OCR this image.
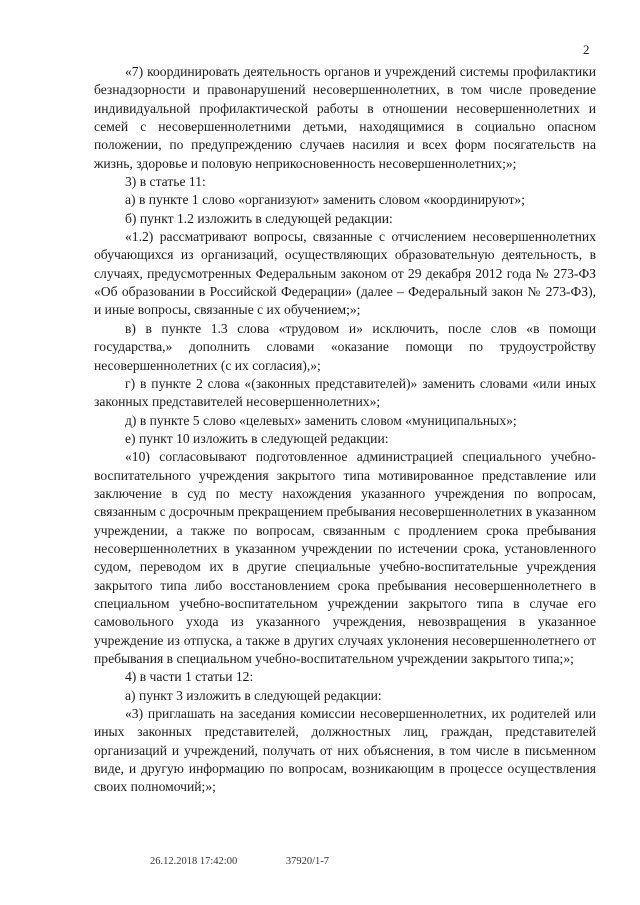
2

«7) координировать деятельность органов и учреждений системы профилактики безнадзорности и правонарушений несовершеннолетних, в том числе проведение индивидуальной профилактической работы в отношении несовершеннолетних и семей с несовершеннолетними детьми, находящимися в социально опасном положении, по предупреждению случаев насилия и всех форм посягательств на жизнь, здоровье и половую неприкосновенность несовершеннолетних;»;

3) в статье 11:

а) в пункте 1 слово «организуют» заменить словом «координируют»;

б) пункт 1.2 изложить в следующей редакции:

«1.2) рассматривают вопросы, связанные с отчислением несовершеннолетних обучающихся из организаций, осуществляющих образовательную деятельность, в случаях, предусмотренных Федеральным законом от 29 декабря 2012 года № 273-ФЗ «Об образовании в Российской Федерации» (далее – Федеральный закон № 273-ФЗ), и иные вопросы, связанные с их обучением;»;

в) в пункте 1.3 слова «трудовом и» исключить, после слов «в помощи государства,» дополнить словами «оказание помощи по трудоустройству несовершеннолетних (с их согласия),»;

г) в пункте 2 слова «(законных представителей)» заменить словами «или иных законных представителей несовершеннолетних»;

д) в пункте 5 слово «целевых» заменить словом «муниципальных»;

е) пункт 10 изложить в следующей редакции:

«10) согласовывают подготовленное администрацией специального учебно-воспитательного учреждения закрытого типа мотивированное представление или заключение в суд по месту нахождения указанного учреждения по вопросам, связанным с досрочным прекращением пребывания несовершеннолетних в указанном учреждении, а также по вопросам, связанным с продлением срока пребывания несовершеннолетних в указанном учреждении по истечении срока, установленного судом, переводом их в другие специальные учебно-воспитательные учреждения закрытого типа либо восстановлением срока пребывания несовершеннолетнего в специальном учебно-воспитательном учреждении закрытого типа в случае его самовольного ухода из указанного учреждения, невозвращения в указанное учреждение из отпуска, а также в других случаях уклонения несовершеннолетнего от пребывания в специальном учебно-воспитательном учреждении закрытого типа;»;

4) в части 1 статьи 12:

а) пункт 3 изложить в следующей редакции:

«3) приглашать на заседания комиссии несовершеннолетних, их родителей или иных законных представителей, должностных лиц, граждан, представителей организаций и учреждений, получать от них объяснения, в том числе в письменном виде, и другую информацию по вопросам, возникающим в процессе осуществления своих полномочий;»;

26.12.2018 17:42:00	37920/1-7
